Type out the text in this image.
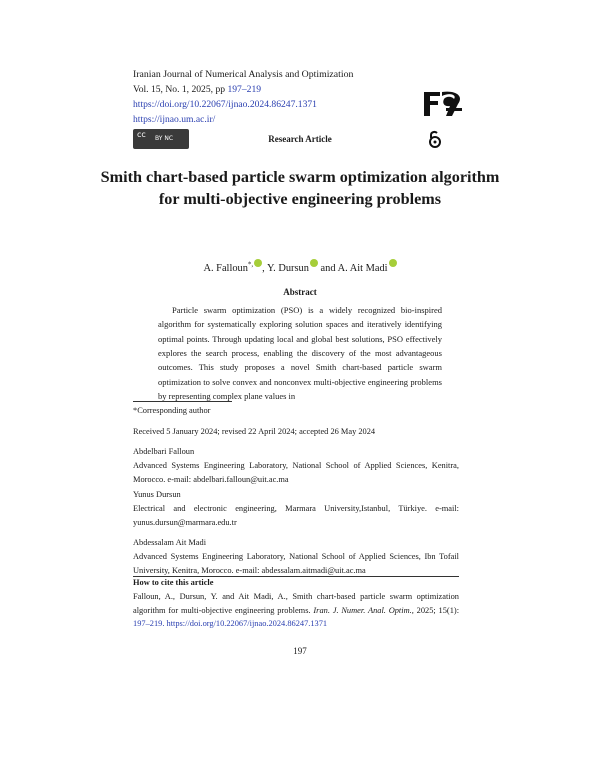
Iranian Journal of Numerical Analysis and Optimization
Vol. 15, No. 1, 2025, pp 197–219
https://doi.org/10.22067/ijnao.2024.86247.1371
https://ijnao.um.ac.ir/
cc BY NC	Research Article
Smith chart-based particle swarm optimization algorithm for multi-objective engineering problems
A. Falloun*, , Y. Dursun and A. Ait Madi
Abstract

Particle swarm optimization (PSO) is a widely recognized bio-inspired algorithm for systematically exploring solution spaces and iteratively identifying optimal points. Through updating local and global best solutions, PSO effectively explores the search process, enabling the discovery of the most advantageous outcomes. This study proposes a novel Smith chart-based particle swarm optimization to solve convex and nonconvex multi-objective engineering problems by representing complex plane values in

*Corresponding author
Received 5 January 2024; revised 22 April 2024; accepted 26 May 2024
Abdelbari Falloun
Advanced Systems Engineering Laboratory, National School of Applied Sciences, Kenitra, Morocco. e-mail: abdelbari.falloun@uit.ac.ma
Yunus Dursun
Electrical and electronic engineering, Marmara University,Istanbul, Türkiye. e-mail: yunus.dursun@marmara.edu.tr
Abdessalam Ait Madi
Advanced Systems Engineering Laboratory, National School of Applied Sciences, Ibn Tofail University, Kenitra, Morocco. e-mail: abdessalam.aitmadi@uit.ac.ma
How to cite this article
Falloun, A., Dursun, Y. and Ait Madi, A., Smith chart-based particle swarm optimization algorithm for multi-objective engineering problems. Iran. J. Numer. Anal. Optim., 2025; 15(1): 197–219. https://doi.org/10.22067/ijnao.2024.86247.1371
197
